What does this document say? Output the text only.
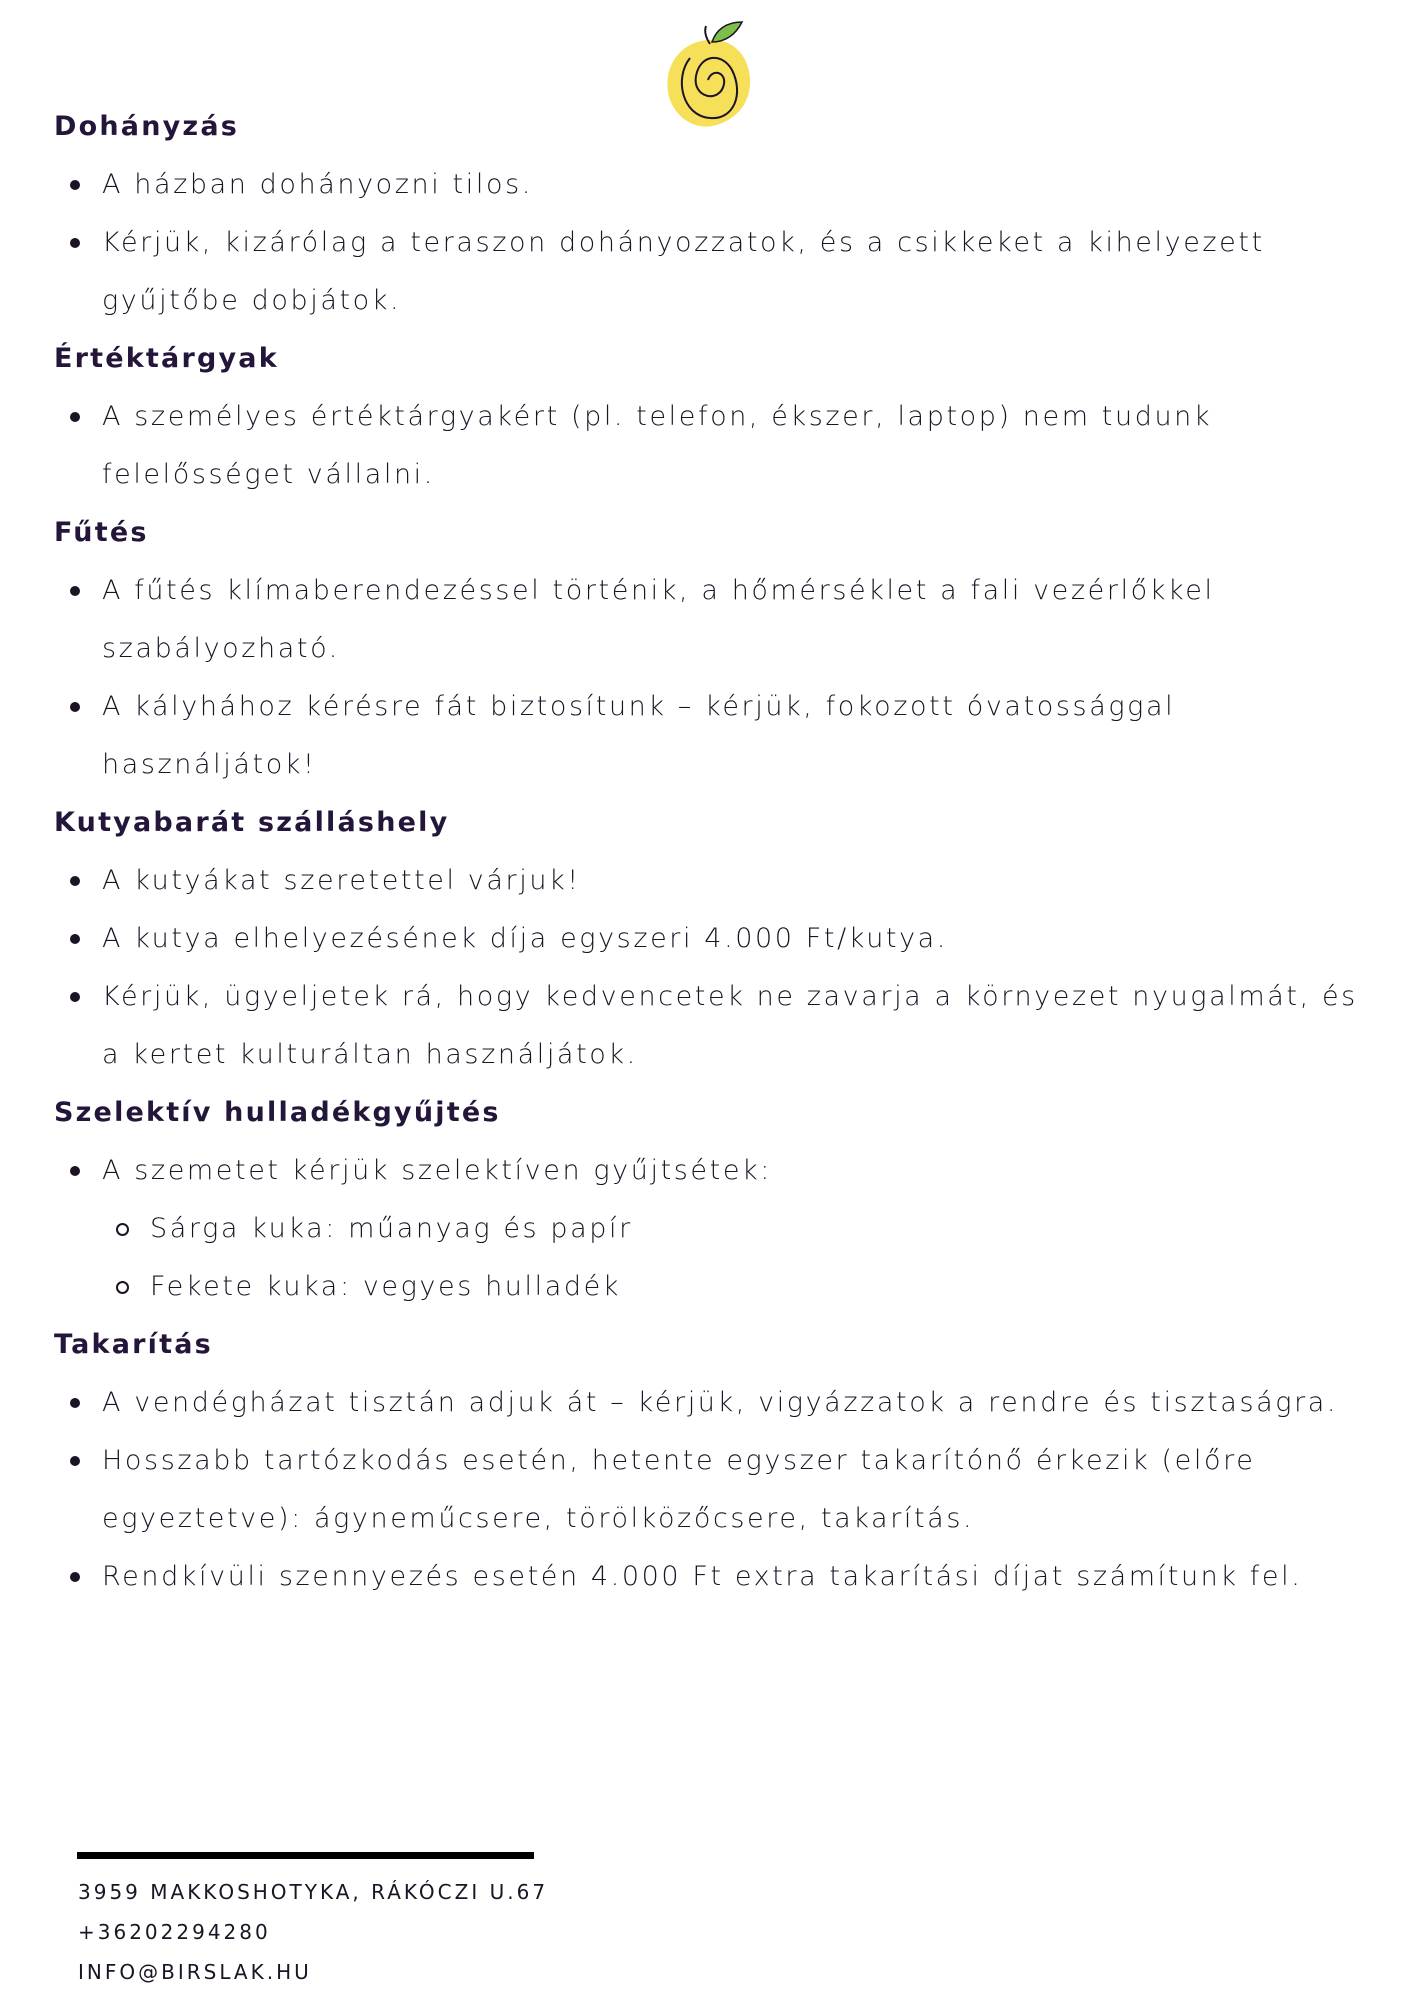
Dohányzás
A házban dohányozni tilos.
Kérjük, kizárólag a teraszon dohányozzatok, és a csikkeket a kihelyezett gyűjtőbe dobjátok.
Értéktárgyak
A személyes értéktárgyakért (pl. telefon, ékszer, laptop) nem tudunk felelősséget vállalni.
Fűtés
A fűtés klímaberendezéssel történik, a hőmérséklet a fali vezérlőkkel szabályozható.
A kályhához kérésre fát biztosítunk – kérjük, fokozott óvatossággal használjátok!
Kutyabarát szálláshely
A kutyákat szeretettel várjuk!
A kutya elhelyezésének díja egyszeri 4.000 Ft/kutya.
Kérjük, ügyeljetek rá, hogy kedvencetek ne zavarja a környezet nyugalmát, és a kertet kulturáltan használjátok.
Szelektív hulladékgyűjtés
A szemetet kérjük szelektíven gyűjtsétek:
Sárga kuka: műanyag és papír
Fekete kuka: vegyes hulladék
Takarítás
A vendégházat tisztán adjuk át – kérjük, vigyázzatok a rendre és tisztaságra.
Hosszabb tartózkodás esetén, hetente egyszer takarítónő érkezik (előre egyeztetve): ágyneműcsere, törölközőcsere, takarítás.
Rendkívüli szennyezés esetén 4.000 Ft extra takarítási díjat számítunk fel.
3959 MAKKOSHOTYKA, RÁKÓCZI U.67
+36202294280
INFO@BIRSLAK.HU
